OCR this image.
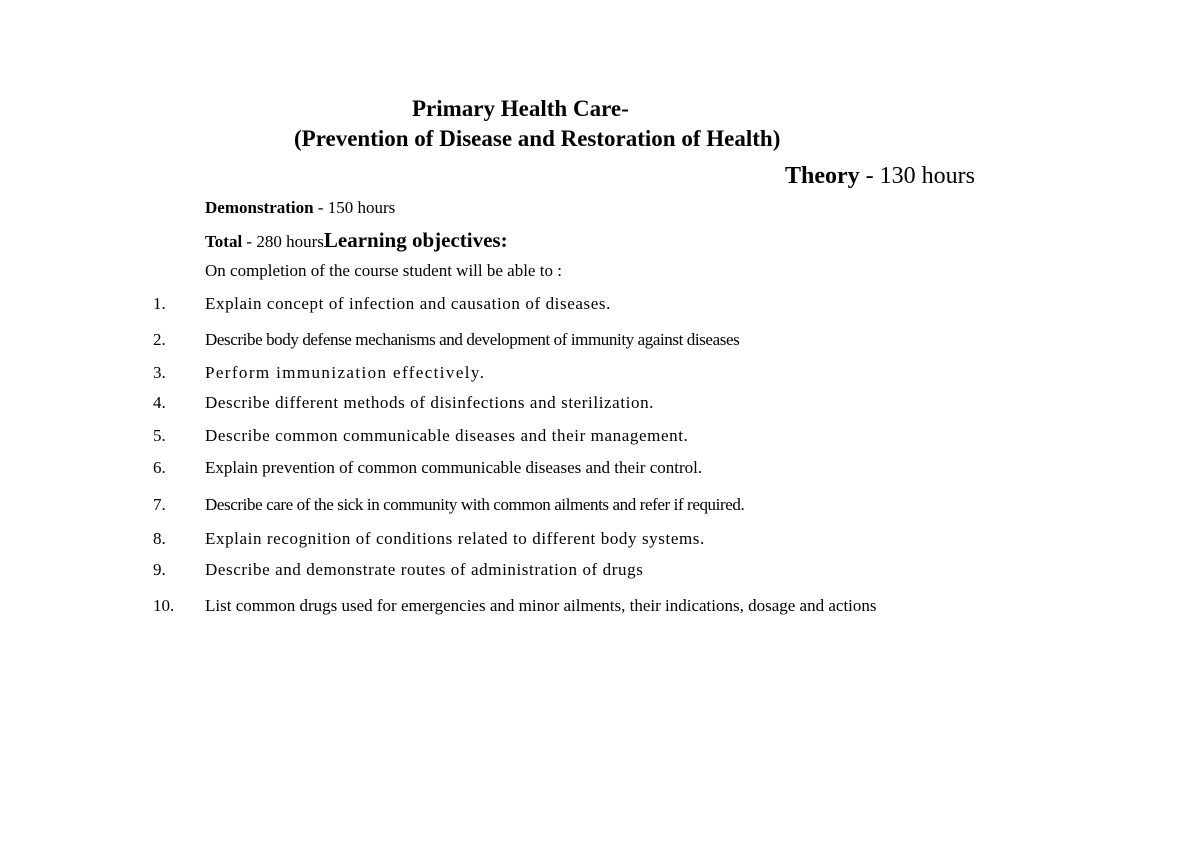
Primary Health Care-
(Prevention of Disease and Restoration of Health)
Theory - 130 hours
Demonstration - 150 hours
Total - 280 hoursLearning objectives:
On completion of the course student will be able to :
1. Explain concept of infection and causation of diseases.
2. Describe body defense mechanisms and development of immunity against diseases
3. Perform immunization effectively.
4. Describe different methods of disinfections and sterilization.
5. Describe common communicable diseases and their management.
6. Explain prevention of common communicable diseases and their control.
7. Describe care of the sick in community with common ailments and refer if required.
8. Explain recognition of conditions related to different body systems.
9. Describe and demonstrate routes of administration of drugs
10. List common drugs used for emergencies and minor ailments, their indications, dosage and actions
